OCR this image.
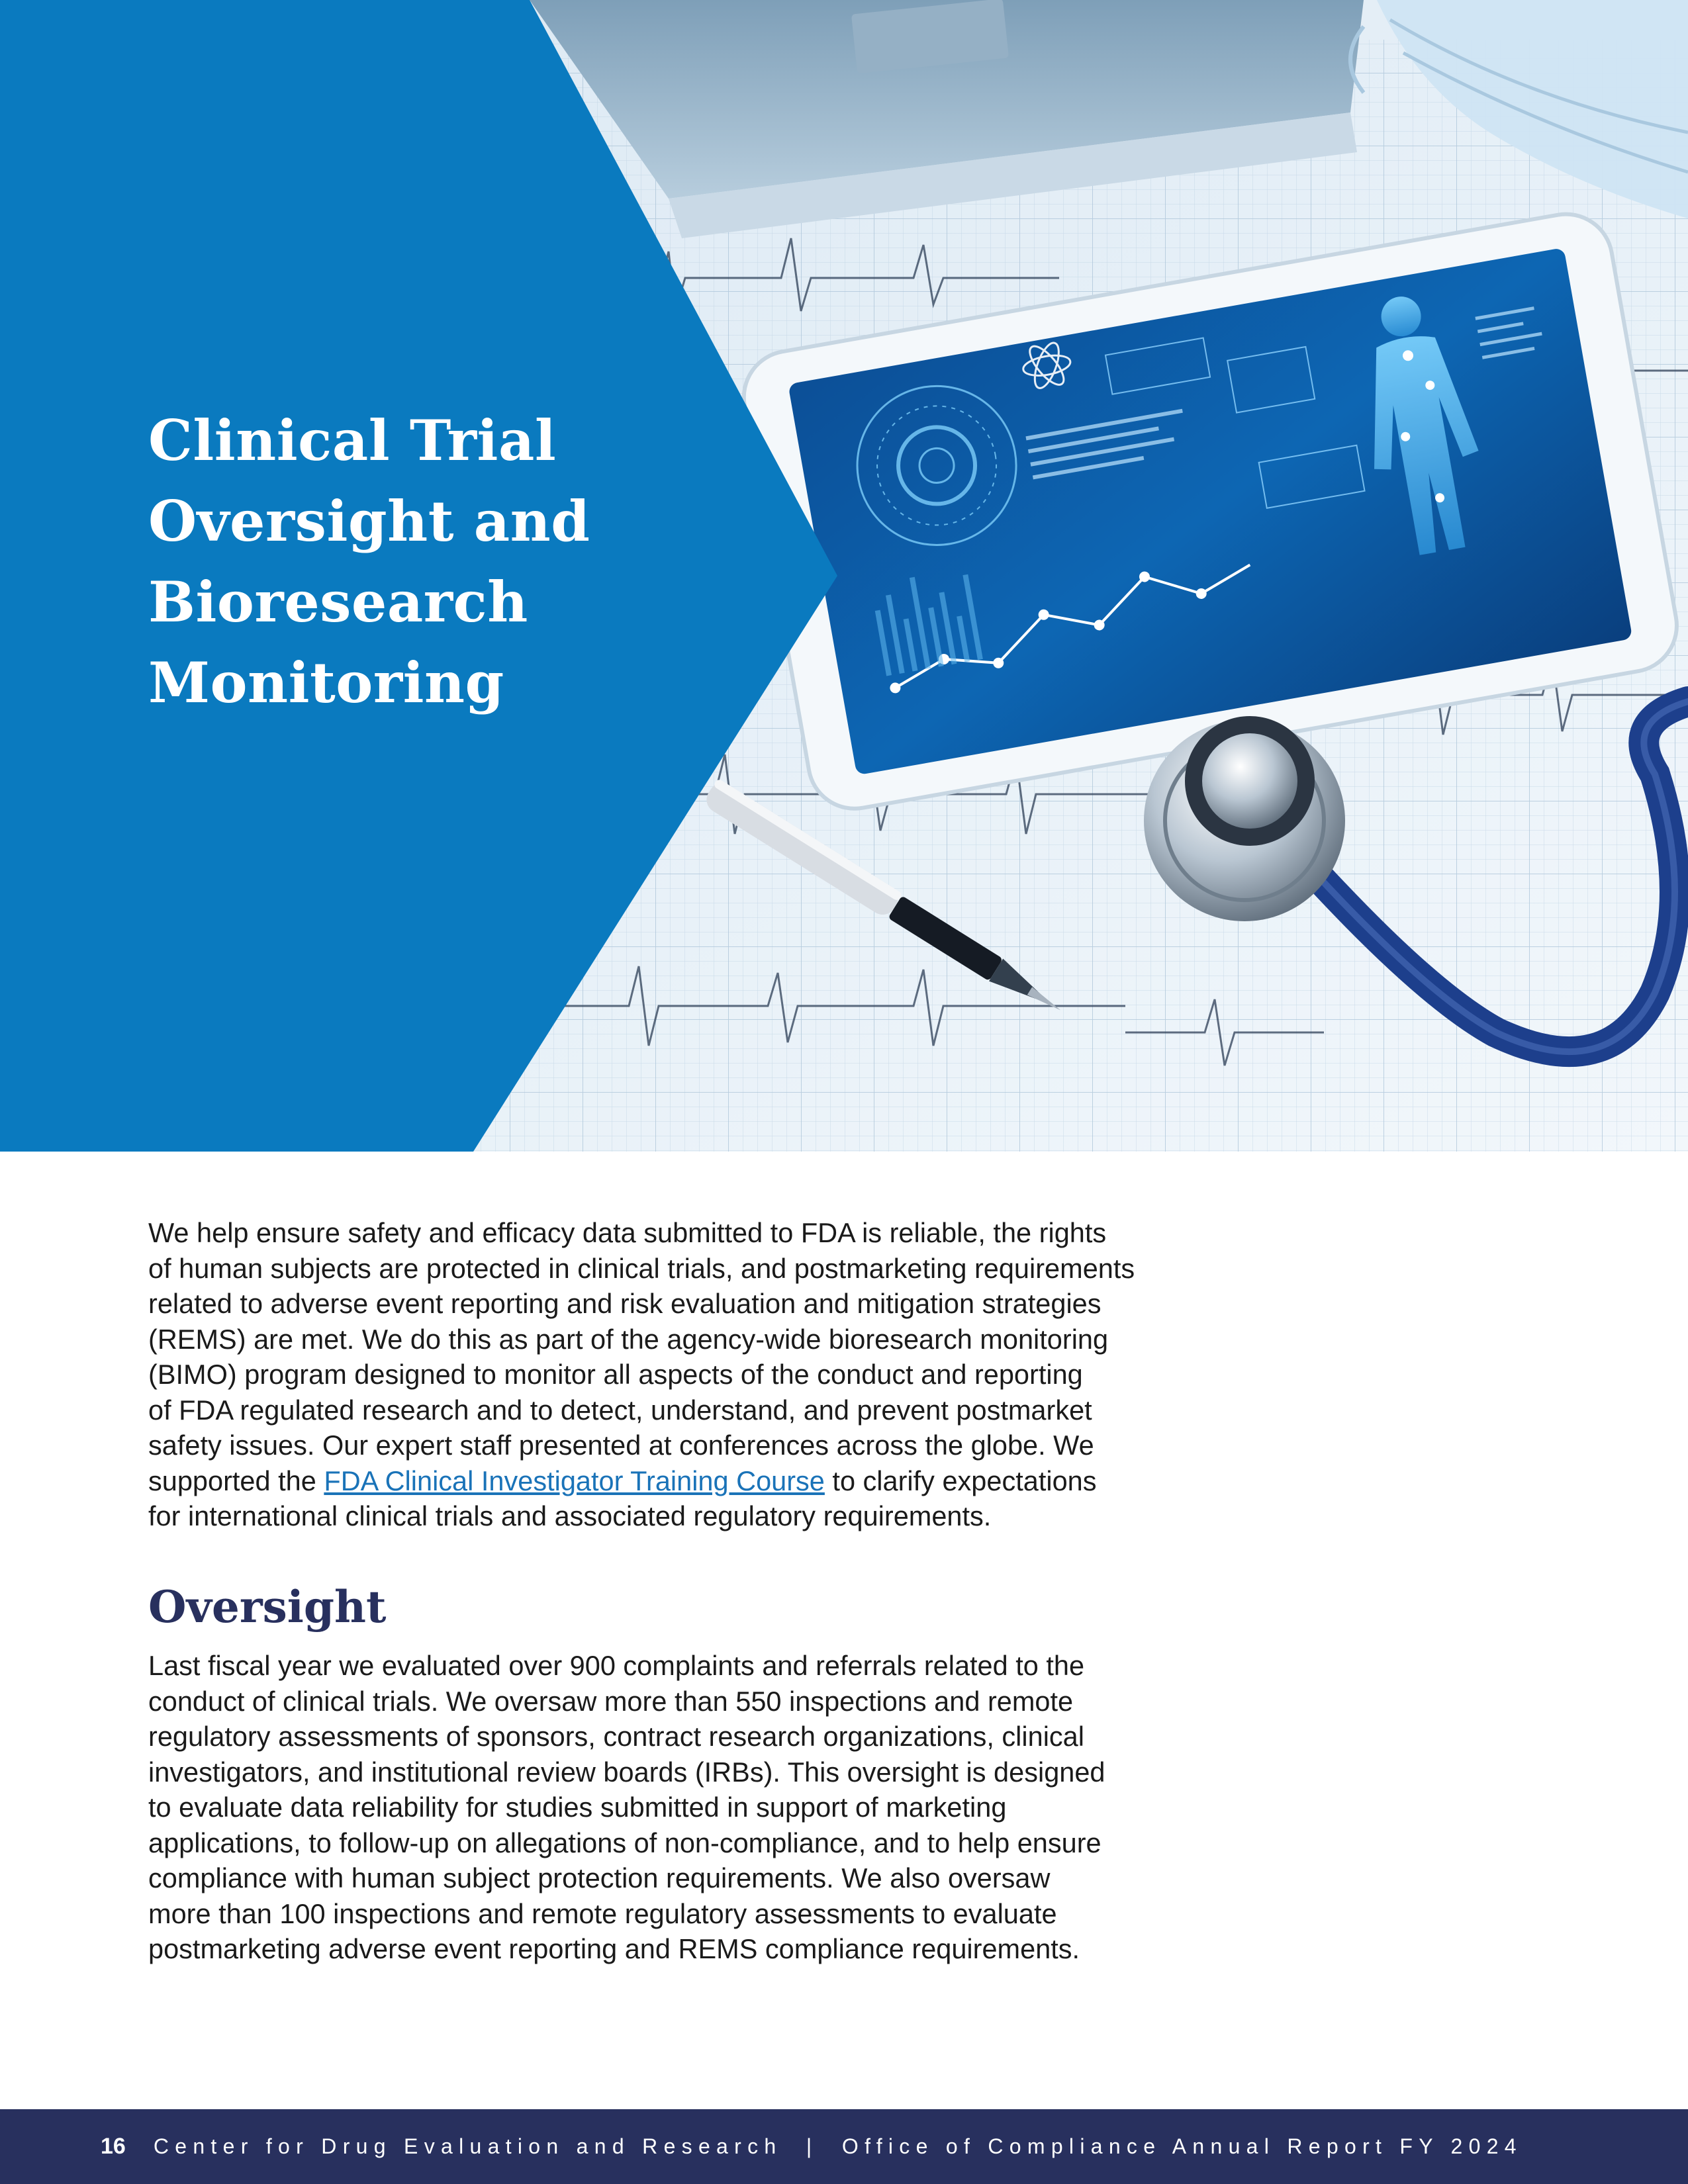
Clinical Trial
Oversight and
Bioresearch
Monitoring

We help ensure safety and efficacy data submitted to FDA is reliable, the rights
of human subjects are protected in clinical trials, and postmarketing requirements
related to adverse event reporting and risk evaluation and mitigation strategies
(REMS) are met. We do this as part of the agency-wide bioresearch monitoring
(BIMO) program designed to monitor all aspects of the conduct and reporting
of FDA regulated research and to detect, understand, and prevent postmarket
safety issues. Our expert staff presented at conferences across the globe. We
supported the FDA Clinical Investigator Training Course to clarify expectations
for international clinical trials and associated regulatory requirements.

Oversight

Last fiscal year we evaluated over 900 complaints and referrals related to the
conduct of clinical trials. We oversaw more than 550 inspections and remote
regulatory assessments of sponsors, contract research organizations, clinical
investigators, and institutional review boards (IRBs). This oversight is designed
to evaluate data reliability for studies submitted in support of marketing
applications, to follow-up on allegations of non-compliance, and to help ensure
compliance with human subject protection requirements. We also oversaw
more than 100 inspections and remote regulatory assessments to evaluate
postmarketing adverse event reporting and REMS compliance requirements.

16 Center for Drug Evaluation and Research  |  Office of Compliance Annual Report FY 2024
